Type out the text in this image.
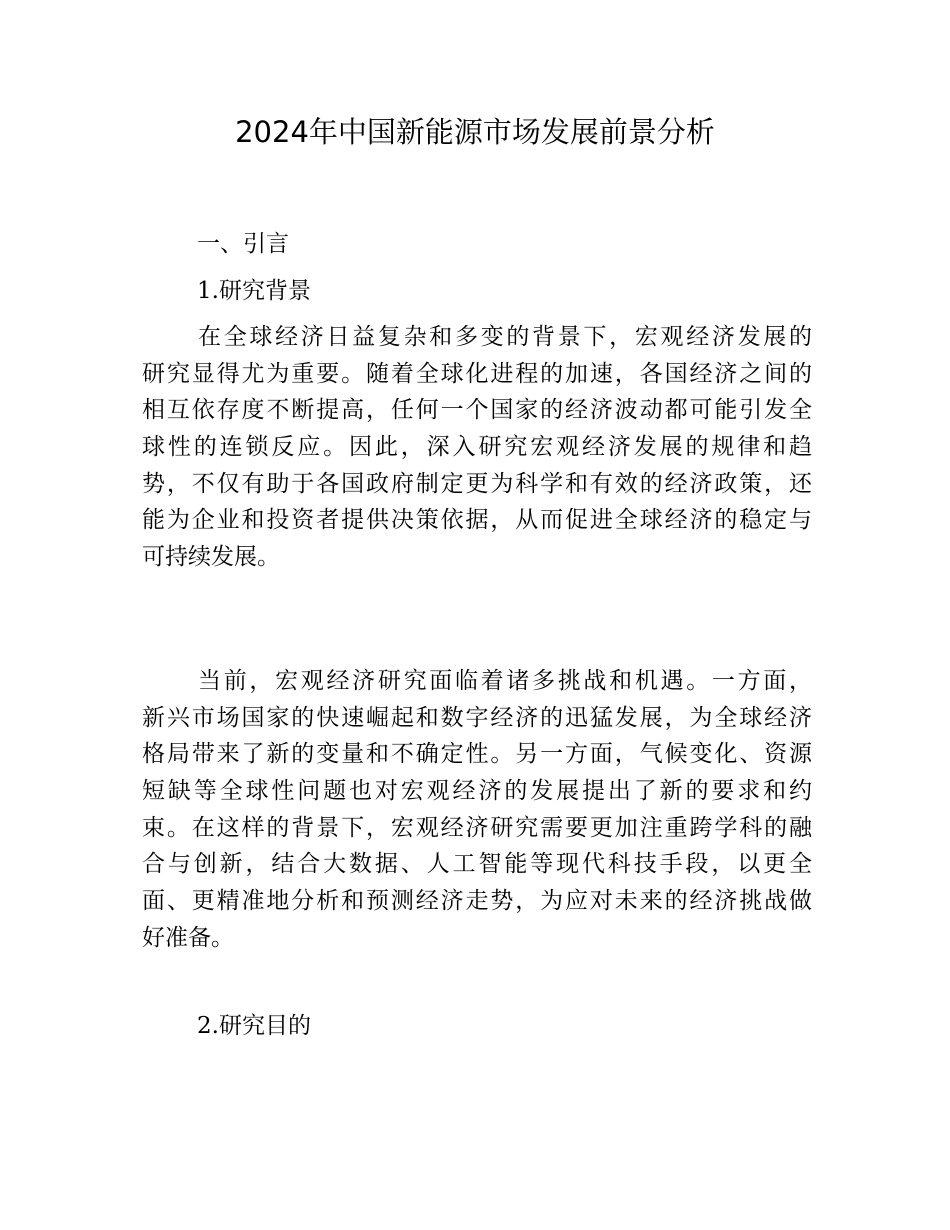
2024年中国新能源市场发展前景分析
一、引言
1.研究背景
在全球经济日益复杂和多变的背景下，宏观经济发展的
研究显得尤为重要。随着全球化进程的加速，各国经济之间的
相互依存度不断提高，任何一个国家的经济波动都可能引发全
球性的连锁反应。因此，深入研究宏观经济发展的规律和趋
势，不仅有助于各国政府制定更为科学和有效的经济政策，还
能为企业和投资者提供决策依据，从而促进全球经济的稳定与
可持续发展。
当前，宏观经济研究面临着诸多挑战和机遇。一方面，
新兴市场国家的快速崛起和数字经济的迅猛发展，为全球经济
格局带来了新的变量和不确定性。另一方面，气候变化、资源
短缺等全球性问题也对宏观经济的发展提出了新的要求和约
束。在这样的背景下，宏观经济研究需要更加注重跨学科的融
合与创新，结合大数据、人工智能等现代科技手段，以更全
面、更精准地分析和预测经济走势，为应对未来的经济挑战做
好准备。
2.研究目的
